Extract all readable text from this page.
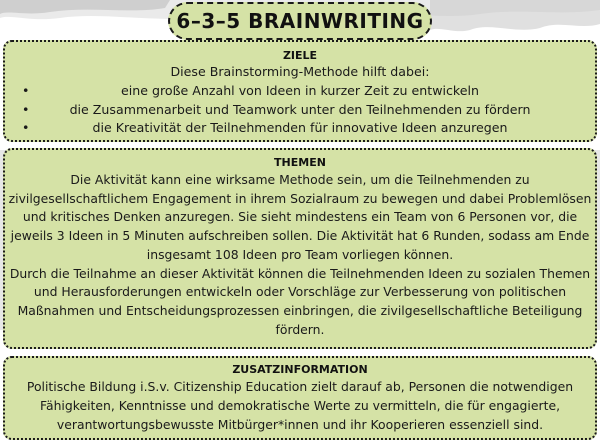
6–3–5 BRAINWRITING
ZIELE
Diese Brainstorming-Methode hilft dabei:
• eine große Anzahl von Ideen in kurzer Zeit zu entwickeln
• die Zusammenarbeit und Teamwork unter den Teilnehmenden zu fördern
• die Kreativität der Teilnehmenden für innovative Ideen anzuregen
THEMEN
Die Aktivität kann eine wirksame Methode sein, um die Teilnehmenden zu zivilgesellschaftlichem Engagement in ihrem Sozialraum zu bewegen und dabei Problemlösen und kritisches Denken anzuregen. Sie sieht mindestens ein Team von 6 Personen vor, die jeweils 3 Ideen in 5 Minuten aufschreiben sollen. Die Aktivität hat 6 Runden, sodass am Ende insgesamt 108 Ideen pro Team vorliegen können.
Durch die Teilnahme an dieser Aktivität können die Teilnehmenden Ideen zu sozialen Themen und Herausforderungen entwickeln oder Vorschläge zur Verbesserung von politischen Maßnahmen und Entscheidungsprozessen einbringen, die zivilgesellschaftliche Beteiligung fördern.
ZUSATZINFORMATION
Politische Bildung i.S.v. Citizenship Education zielt darauf ab, Personen die notwendigen Fähigkeiten, Kenntnisse und demokratische Werte zu vermitteln, die für engagierte, verantwortungsbewusste Mitbürger*innen und ihr Kooperieren essenziell sind.
